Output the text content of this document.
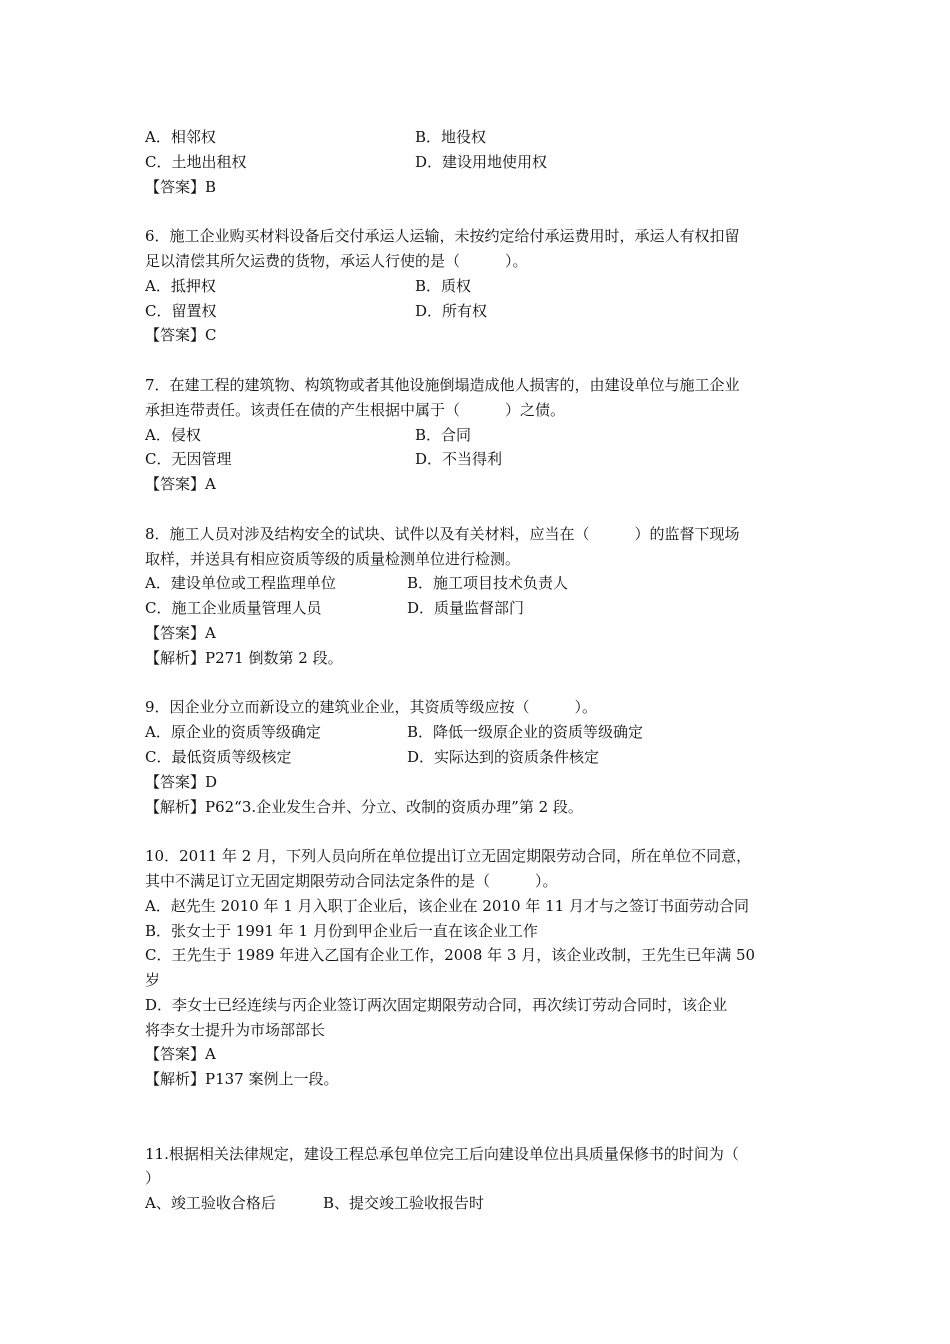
A．相邻权	B．地役权
C．土地出租权	D．建设用地使用权
【答案】B
6．施工企业购买材料设备后交付承运人运输，未按约定给付承运费用时，承运人有权扣留
足以清偿其所欠运费的货物，承运人行使的是（　　　）。
A．抵押权	B．质权
C．留置权	D．所有权
【答案】C
7．在建工程的建筑物、构筑物或者其他设施倒塌造成他人损害的，由建设单位与施工企业
承担连带责任。该责任在债的产生根据中属于（　　　）之债。
A．侵权	B．合同
C．无因管理	D．不当得利
【答案】A
8．施工人员对涉及结构安全的试块、试件以及有关材料，应当在（　　　）的监督下现场
取样，并送具有相应资质等级的质量检测单位进行检测。
A．建设单位或工程监理单位	B．施工项目技术负责人
C．施工企业质量管理人员	D．质量监督部门
【答案】A
【解析】P271 倒数第 2 段。
9．因企业分立而新设立的建筑业企业，其资质等级应按（　　　）。
A．原企业的资质等级确定	B．降低一级原企业的资质等级确定
C．最低资质等级核定	D．实际达到的资质条件核定
【答案】D
【解析】P62“3.企业发生合并、分立、改制的资质办理”第 2 段。
10．2011 年 2 月，下列人员向所在单位提出订立无固定期限劳动合同，所在单位不同意，
其中不满足订立无固定期限劳动合同法定条件的是（　　　）。
A．赵先生 2010 年 1 月入职丁企业后，该企业在 2010 年 11 月才与之签订书面劳动合同
B．张女士于 1991 年 1 月份到甲企业后一直在该企业工作
C．王先生于 1989 年进入乙国有企业工作，2008 年 3 月，该企业改制，王先生已年满 50
岁
D．李女士已经连续与丙企业签订两次固定期限劳动合同，再次续订劳动合同时，该企业
将李女士提升为市场部部长
【答案】A
【解析】P137 案例上一段。
11.根据相关法律规定，建设工程总承包单位完工后向建设单位出具质量保修书的时间为（
）
A、竣工验收合格后	B、提交竣工验收报告时
